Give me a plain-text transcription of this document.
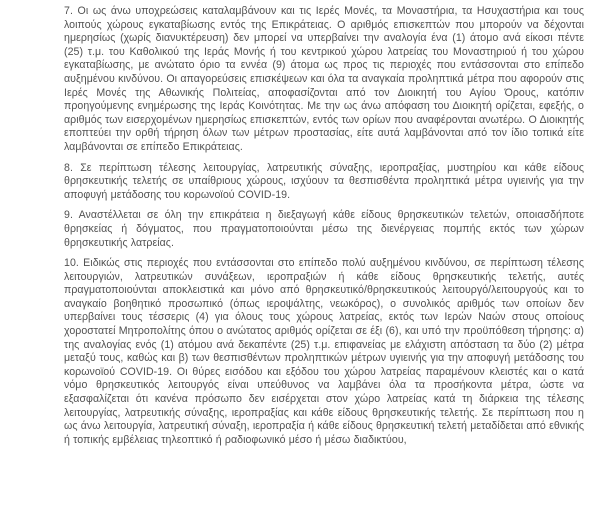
7. Οι ως άνω υποχρεώσεις καταλαμβάνουν και τις Ιερές Μονές, τα Μοναστήρια, τα Ησυχαστήρια και τους λοιπούς χώρους εγκαταβίωσης εντός της Επικράτειας. Ο αριθμός επισκεπτών που μπορούν να δέχονται ημερησίως (χωρίς διανυκτέρευση) δεν μπορεί να υπερβαίνει την αναλογία ένα (1) άτομο ανά είκοσι πέντε (25) τ.μ. του Καθολικού της Ιεράς Μονής ή του κεντρικού χώρου λατρείας του Μοναστηριού ή του χώρου εγκαταβίωσης, με ανώτατο όριο τα εννέα (9) άτομα ως προς τις περιοχές που εντάσσονται στο επίπεδο αυξημένου κινδύνου. Οι απαγορεύσεις επισκέψεων και όλα τα αναγκαία προληπτικά μέτρα που αφορούν στις Ιερές Μονές της Αθωνικής Πολιτείας, αποφασίζονται από τον Διοικητή του Αγίου Όρους, κατόπιν προηγούμενης ενημέρωσης της Ιεράς Κοινότητας. Με την ως άνω απόφαση του Διοικητή ορίζεται, εφεξής, ο αριθμός των εισερχομένων ημερησίως επισκεπτών, εντός των ορίων που αναφέρονται ανωτέρω. Ο Διοικητής εποπτεύει την ορθή τήρηση όλων των μέτρων προστασίας, είτε αυτά λαμβάνονται από τον ίδιο τοπικά είτε λαμβάνονται σε επίπεδο Επικράτειας.

8. Σε περίπτωση τέλεσης λειτουργίας, λατρευτικής σύναξης, ιεροπραξίας, μυστηρίου και κάθε είδους θρησκευτικής τελετής σε υπαίθριους χώρους, ισχύουν τα θεσπισθέντα προληπτικά μέτρα υγιεινής για την αποφυγή μετάδοσης του κορωνοϊού COVID-19.

9. Αναστέλλεται σε όλη την επικράτεια η διεξαγωγή κάθε είδους θρησκευτικών τελετών, οποιασδήποτε θρησκείας ή δόγματος, που πραγματοποιούνται μέσω της διενέργειας πομπής εκτός των χώρων θρησκευτικής λατρείας.

10. Ειδικώς στις περιοχές που εντάσσονται στο επίπεδο πολύ αυξημένου κινδύνου, σε περίπτωση τέλεσης λειτουργιών, λατρευτικών συνάξεων, ιεροπραξιών ή κάθε είδους θρησκευτικής τελετής, αυτές πραγματοποιούνται αποκλειστικά και μόνο από θρησκευτικό/θρησκευτικούς λειτουργό/λειτουργούς και το αναγκαίο βοηθητικό προσωπικό (όπως ιεροψάλτης, νεωκόρος), ο συνολικός αριθμός των οποίων δεν υπερβαίνει τους τέσσερις (4) για όλους τους χώρους λατρείας, εκτός των Ιερών Ναών στους οποίους χοροστατεί Μητροπολίτης όπου ο ανώτατος αριθμός ορίζεται σε έξι (6), και υπό την προϋπόθεση τήρησης: α) της αναλογίας ενός (1) ατόμου ανά δεκαπέντε (25) τ.μ. επιφανείας με ελάχιστη απόσταση τα δύο (2) μέτρα μεταξύ τους, καθώς και β) των θεσπισθέντων προληπτικών μέτρων υγιεινής για την αποφυγή μετάδοσης του κορωνοϊού COVID-19. Οι θύρες εισόδου και εξόδου του χώρου λατρείας παραμένουν κλειστές και ο κατά νόμο θρησκευτικός λειτουργός είναι υπεύθυνος να λαμβάνει όλα τα προσήκοντα μέτρα, ώστε να εξασφαλίζεται ότι κανένα πρόσωπο δεν εισέρχεται στον χώρο λατρείας κατά τη διάρκεια της τέλεσης λειτουργίας, λατρευτικής σύναξης, ιεροπραξίας και κάθε είδους θρησκευτικής τελετής. Σε περίπτωση που η ως άνω λειτουργία, λατρευτική σύναξη, ιεροπραξία ή κάθε είδους θρησκευτική τελετή μεταδίδεται από εθνικής ή τοπικής εμβέλειας τηλεοπτικό ή ραδιοφωνικό μέσο ή μέσω διαδικτύου,
